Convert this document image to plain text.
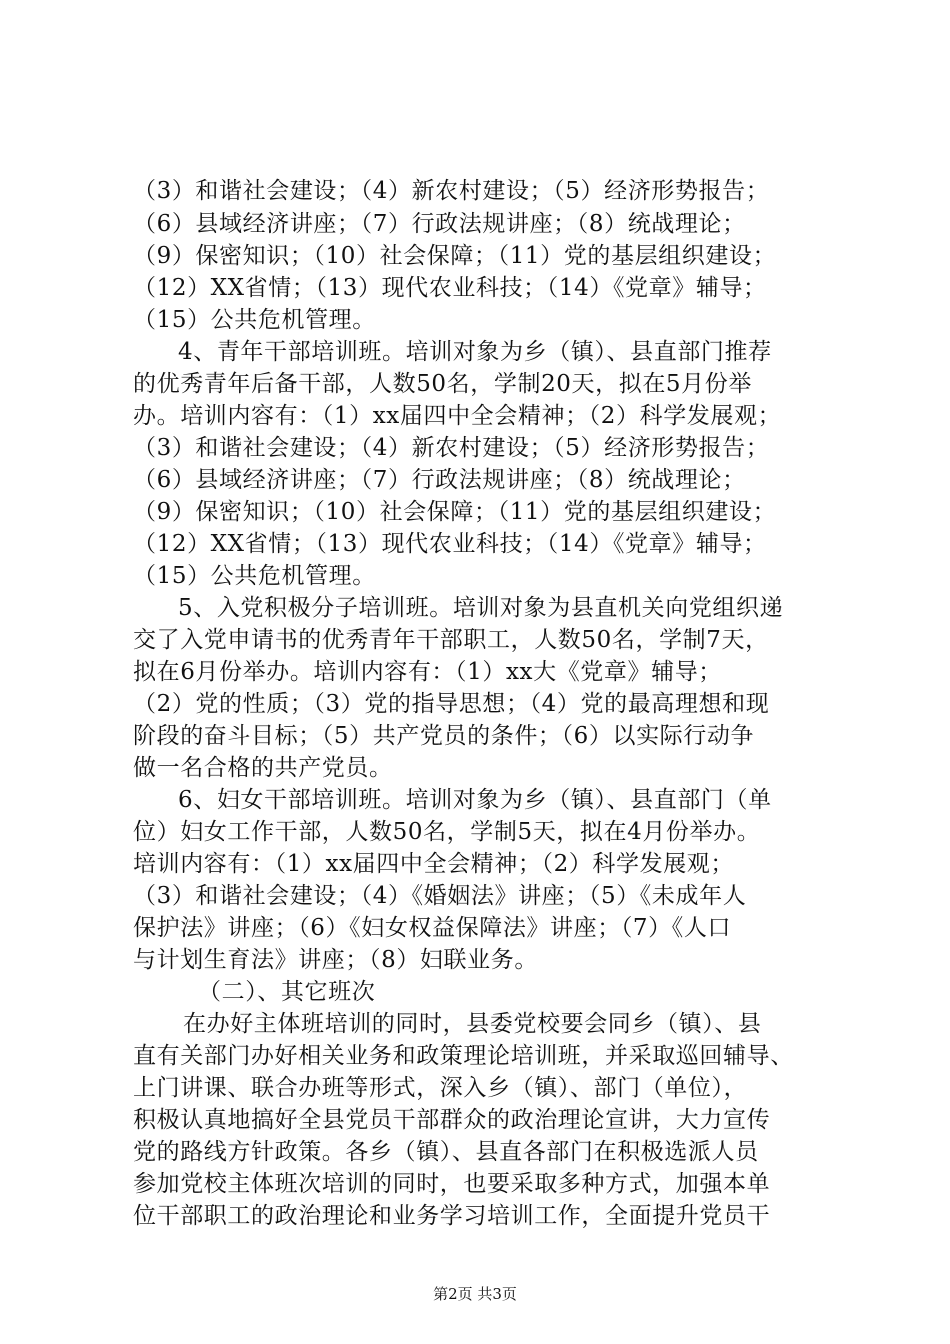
（3）和谐社会建设；（4）新农村建设；（5）经济形势报告；
（6）县域经济讲座；（7）行政法规讲座；（8）统战理论；
（9）保密知识；（10）社会保障；（11）党的基层组织建设；
（12）XX省情；（13）现代农业科技；（14）《党章》辅导；
（15）公共危机管理。
4、青年干部培训班。培训对象为乡（镇）、县直部门推荐
的优秀青年后备干部，人数50名，学制20天，拟在5月份举
办。培训内容有：（1）xx届四中全会精神；（2）科学发展观；
（3）和谐社会建设；（4）新农村建设；（5）经济形势报告；
（6）县域经济讲座；（7）行政法规讲座；（8）统战理论；
（9）保密知识；（10）社会保障；（11）党的基层组织建设；
（12）XX省情；（13）现代农业科技；（14）《党章》辅导；
（15）公共危机管理。
5、入党积极分子培训班。培训对象为县直机关向党组织递
交了入党申请书的优秀青年干部职工，人数50名，学制7天，
拟在6月份举办。培训内容有：（1）xx大《党章》辅导；
（2）党的性质；（3）党的指导思想；（4）党的最高理想和现
阶段的奋斗目标；（5）共产党员的条件；（6）以实际行动争
做一名合格的共产党员。
6、妇女干部培训班。培训对象为乡（镇）、县直部门（单
位）妇女工作干部，人数50名，学制5天，拟在4月份举办。
培训内容有：（1）xx届四中全会精神；（2）科学发展观；
（3）和谐社会建设；（4）《婚姻法》讲座；（5）《未成年人
保护法》讲座；（6）《妇女权益保障法》讲座；（7）《人口
与计划生育法》讲座；（8）妇联业务。
（二）、其它班次
在办好主体班培训的同时，县委党校要会同乡（镇）、县
直有关部门办好相关业务和政策理论培训班，并采取巡回辅导、
上门讲课、联合办班等形式，深入乡（镇）、部门（单位），
积极认真地搞好全县党员干部群众的政治理论宣讲，大力宣传
党的路线方针政策。各乡（镇）、县直各部门在积极选派人员
参加党校主体班次培训的同时，也要采取多种方式，加强本单
位干部职工的政治理论和业务学习培训工作，全面提升党员干
第2页 共3页
